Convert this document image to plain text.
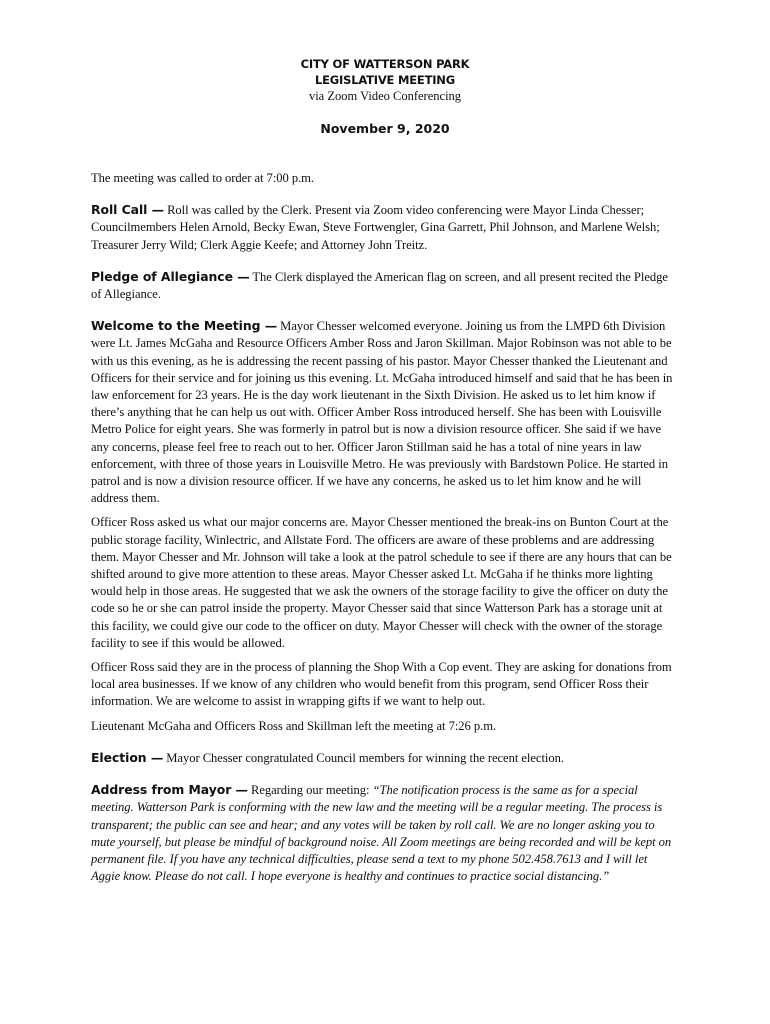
CITY OF WATTERSON PARK
LEGISLATIVE MEETING
via Zoom Video Conferencing
November 9, 2020

The meeting was called to order at 7:00 p.m.

Roll Call — Roll was called by the Clerk. Present via Zoom video conferencing were Mayor Linda Chesser; Councilmembers Helen Arnold, Becky Ewan, Steve Fortwengler, Gina Garrett, Phil Johnson, and Marlene Welsh; Treasurer Jerry Wild; Clerk Aggie Keefe; and Attorney John Treitz.

Pledge of Allegiance — The Clerk displayed the American flag on screen, and all present recited the Pledge of Allegiance.

Welcome to the Meeting — Mayor Chesser welcomed everyone. Joining us from the LMPD 6th Division were Lt. James McGaha and Resource Officers Amber Ross and Jaron Skillman. Major Robinson was not able to be with us this evening, as he is addressing the recent passing of his pastor. Mayor Chesser thanked the Lieutenant and Officers for their service and for joining us this evening. Lt. McGaha introduced himself and said that he has been in law enforcement for 23 years. He is the day work lieutenant in the Sixth Division. He asked us to let him know if there’s anything that he can help us out with. Officer Amber Ross introduced herself. She has been with Louisville Metro Police for eight years. She was formerly in patrol but is now a division resource officer. She said if we have any concerns, please feel free to reach out to her. Officer Jaron Stillman said he has a total of nine years in law enforcement, with three of those years in Louisville Metro. He was previously with Bardstown Police. He started in patrol and is now a division resource officer. If we have any concerns, he asked us to let him know and he will address them.

Officer Ross asked us what our major concerns are. Mayor Chesser mentioned the break-ins on Bunton Court at the public storage facility, Winlectric, and Allstate Ford. The officers are aware of these problems and are addressing them. Mayor Chesser and Mr. Johnson will take a look at the patrol schedule to see if there are any hours that can be shifted around to give more attention to these areas. Mayor Chesser asked Lt. McGaha if he thinks more lighting would help in those areas. He suggested that we ask the owners of the storage facility to give the officer on duty the code so he or she can patrol inside the property. Mayor Chesser said that since Watterson Park has a storage unit at this facility, we could give our code to the officer on duty. Mayor Chesser will check with the owner of the storage facility to see if this would be allowed.

Officer Ross said they are in the process of planning the Shop With a Cop event. They are asking for donations from local area businesses. If we know of any children who would benefit from this program, send Officer Ross their information. We are welcome to assist in wrapping gifts if we want to help out.

Lieutenant McGaha and Officers Ross and Skillman left the meeting at 7:26 p.m.

Election — Mayor Chesser congratulated Council members for winning the recent election.

Address from Mayor — Regarding our meeting: “The notification process is the same as for a special meeting. Watterson Park is conforming with the new law and the meeting will be a regular meeting. The process is transparent; the public can see and hear; and any votes will be taken by roll call. We are no longer asking you to mute yourself, but please be mindful of background noise. All Zoom meetings are being recorded and will be kept on permanent file. If you have any technical difficulties, please send a text to my phone 502.458.7613 and I will let Aggie know. Please do not call. I hope everyone is healthy and continues to practice social distancing.”
